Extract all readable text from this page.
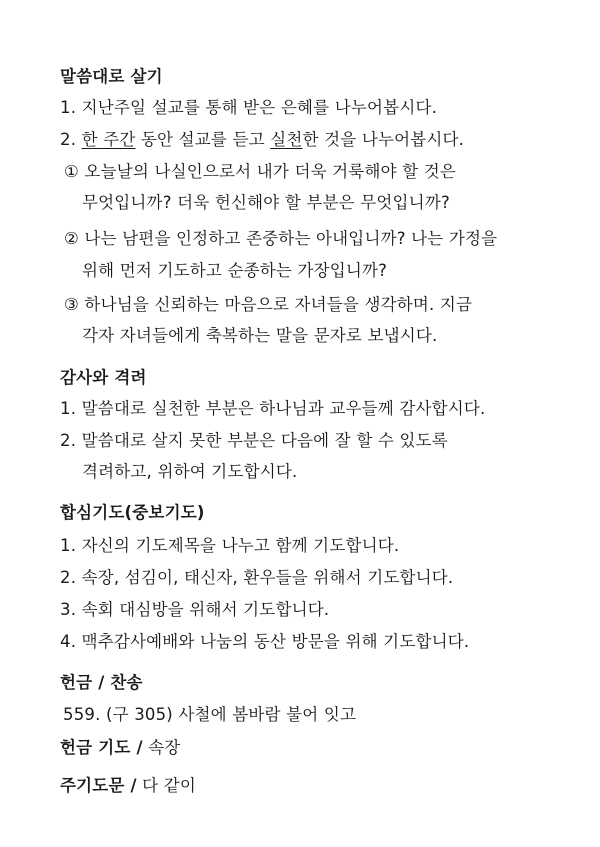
말씀대로 살기
1. 지난주일 설교를 통해 받은 은혜를 나누어봅시다.
2. 한 주간 동안 설교를 듣고 실천한 것을 나누어봅시다.
① 오늘날의 나실인으로서 내가 더욱 거룩해야 할 것은
무엇입니까? 더욱 헌신해야 할 부분은 무엇입니까?
② 나는 남편을 인정하고 존중하는 아내입니까? 나는 가정을
위해 먼저 기도하고 순종하는 가장입니까?
③ 하나님을 신뢰하는 마음으로 자녀들을 생각하며. 지금
각자 자녀들에게 축복하는 말을 문자로 보냅시다.
감사와 격려
1. 말씀대로 실천한 부분은 하나님과 교우들께 감사합시다.
2. 말씀대로 살지 못한 부분은 다음에 잘 할 수 있도록
격려하고, 위하여 기도합시다.
합심기도(중보기도)
1. 자신의 기도제목을 나누고 함께 기도합니다.
2. 속장, 섬김이, 태신자, 환우들을 위해서 기도합니다.
3. 속회 대심방을 위해서 기도합니다.
4. 맥추감사예배와 나눔의 동산 방문을 위해 기도합니다.
헌금 / 찬송
559. (구 305) 사철에 봄바람 불어 잇고
헌금 기도 / 속장
주기도문 / 다 같이
